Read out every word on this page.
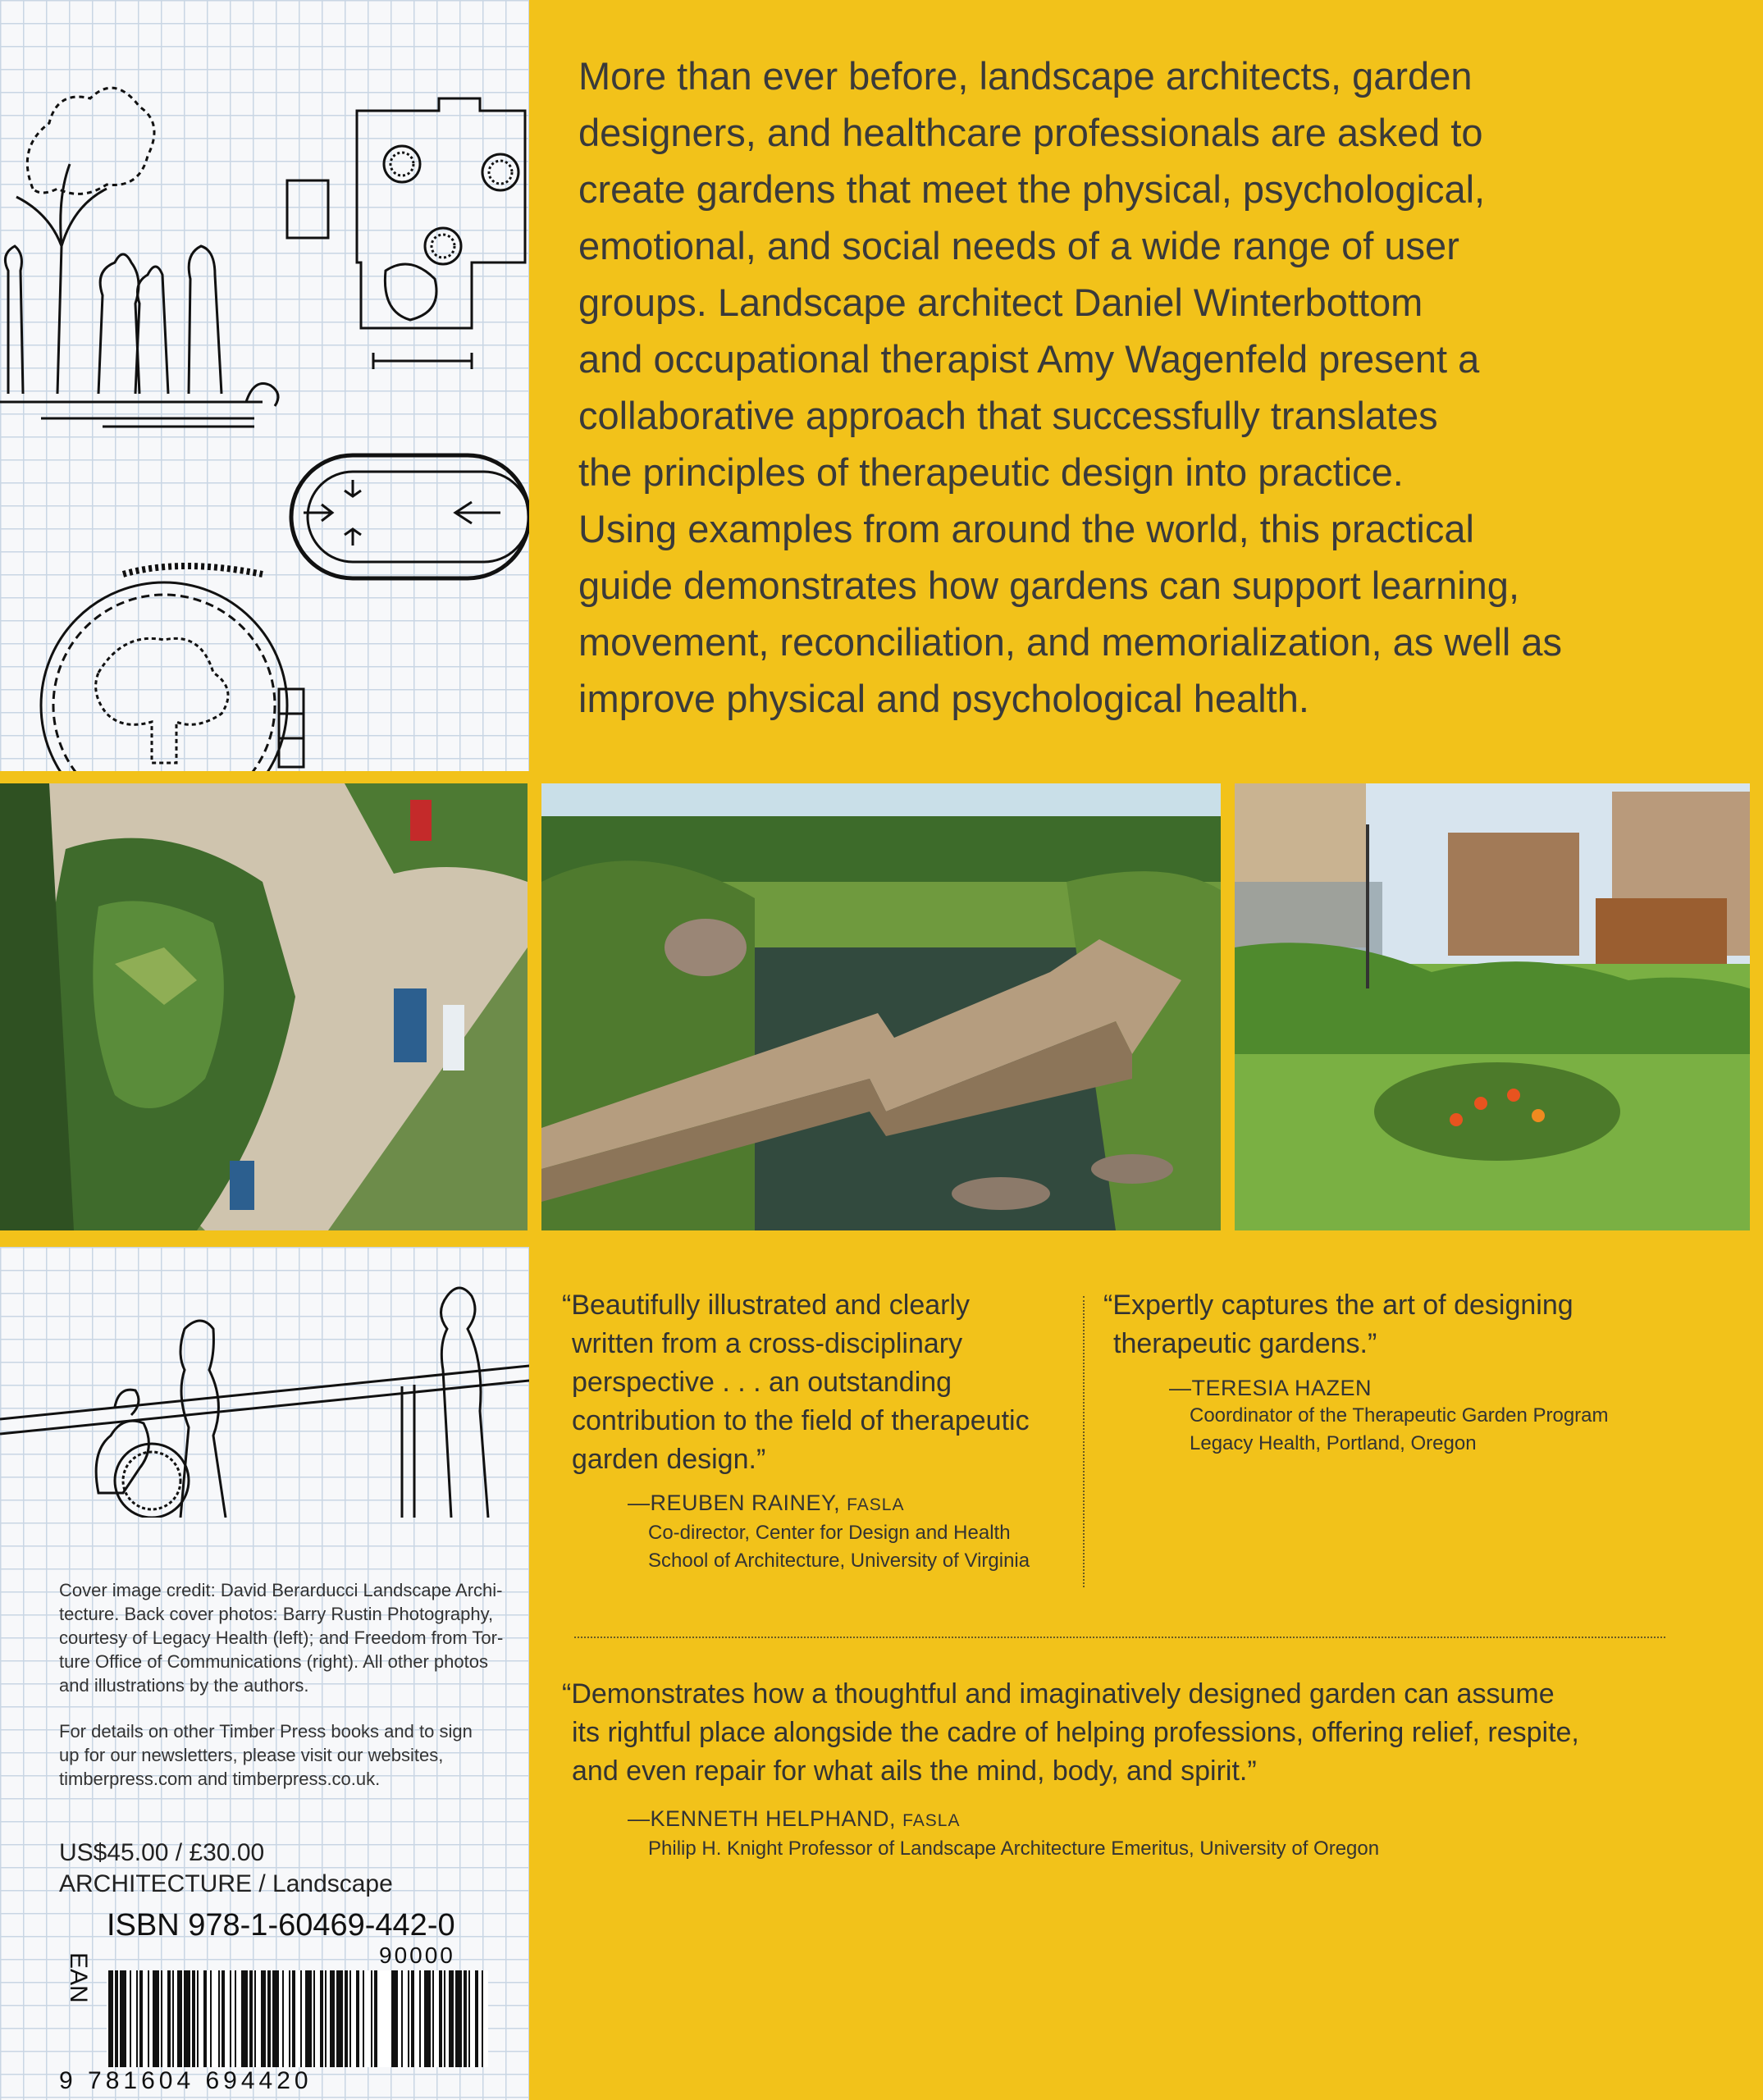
More than ever before, landscape architects, garden
designers, and healthcare professionals are asked to
create gardens that meet the physical, psychological,
emotional, and social needs of a wide range of user
groups. Landscape architect Daniel Winterbottom
and occupational therapist Amy Wagenfeld present a
collaborative approach that successfully translates
the principles of therapeutic design into practice.
Using examples from around the world, this practical
guide demonstrates how gardens can support learning,
movement, reconciliation, and memorialization, as well as
improve physical and psychological health.

Cover image credit: David Berarducci Landscape Archi-
tecture. Back cover photos: Barry Rustin Photography,
courtesy of Legacy Health (left); and Freedom from Tor-
ture Office of Communications (right). All other photos
and illustrations by the authors.
For details on other Timber Press books and to sign
up for our newsletters, please visit our websites,
timberpress.com and timberpress.co.uk.
US$45.00 / £30.00
ARCHITECTURE / Landscape
ISBN 978-1-60469-442-0
90000
EAN
9 781604 694420

“Beautifully illustrated and clearly
written from a cross-disciplinary
perspective . . . an outstanding
contribution to the field of therapeutic
garden design.”

—REUBEN RAINEY, FASLA
Co-director, Center for Design and Health
School of Architecture, University of Virginia

“Expertly captures the art of designing
therapeutic gardens.”

—TERESIA HAZEN
Coordinator of the Therapeutic Garden Program
Legacy Health, Portland, Oregon

“Demonstrates how a thoughtful and imaginatively designed garden can assume
its rightful place alongside the cadre of helping professions, offering relief, respite,
and even repair for what ails the mind, body, and spirit.”

—KENNETH HELPHAND, FASLA
Philip H. Knight Professor of Landscape Architecture Emeritus, University of Oregon
